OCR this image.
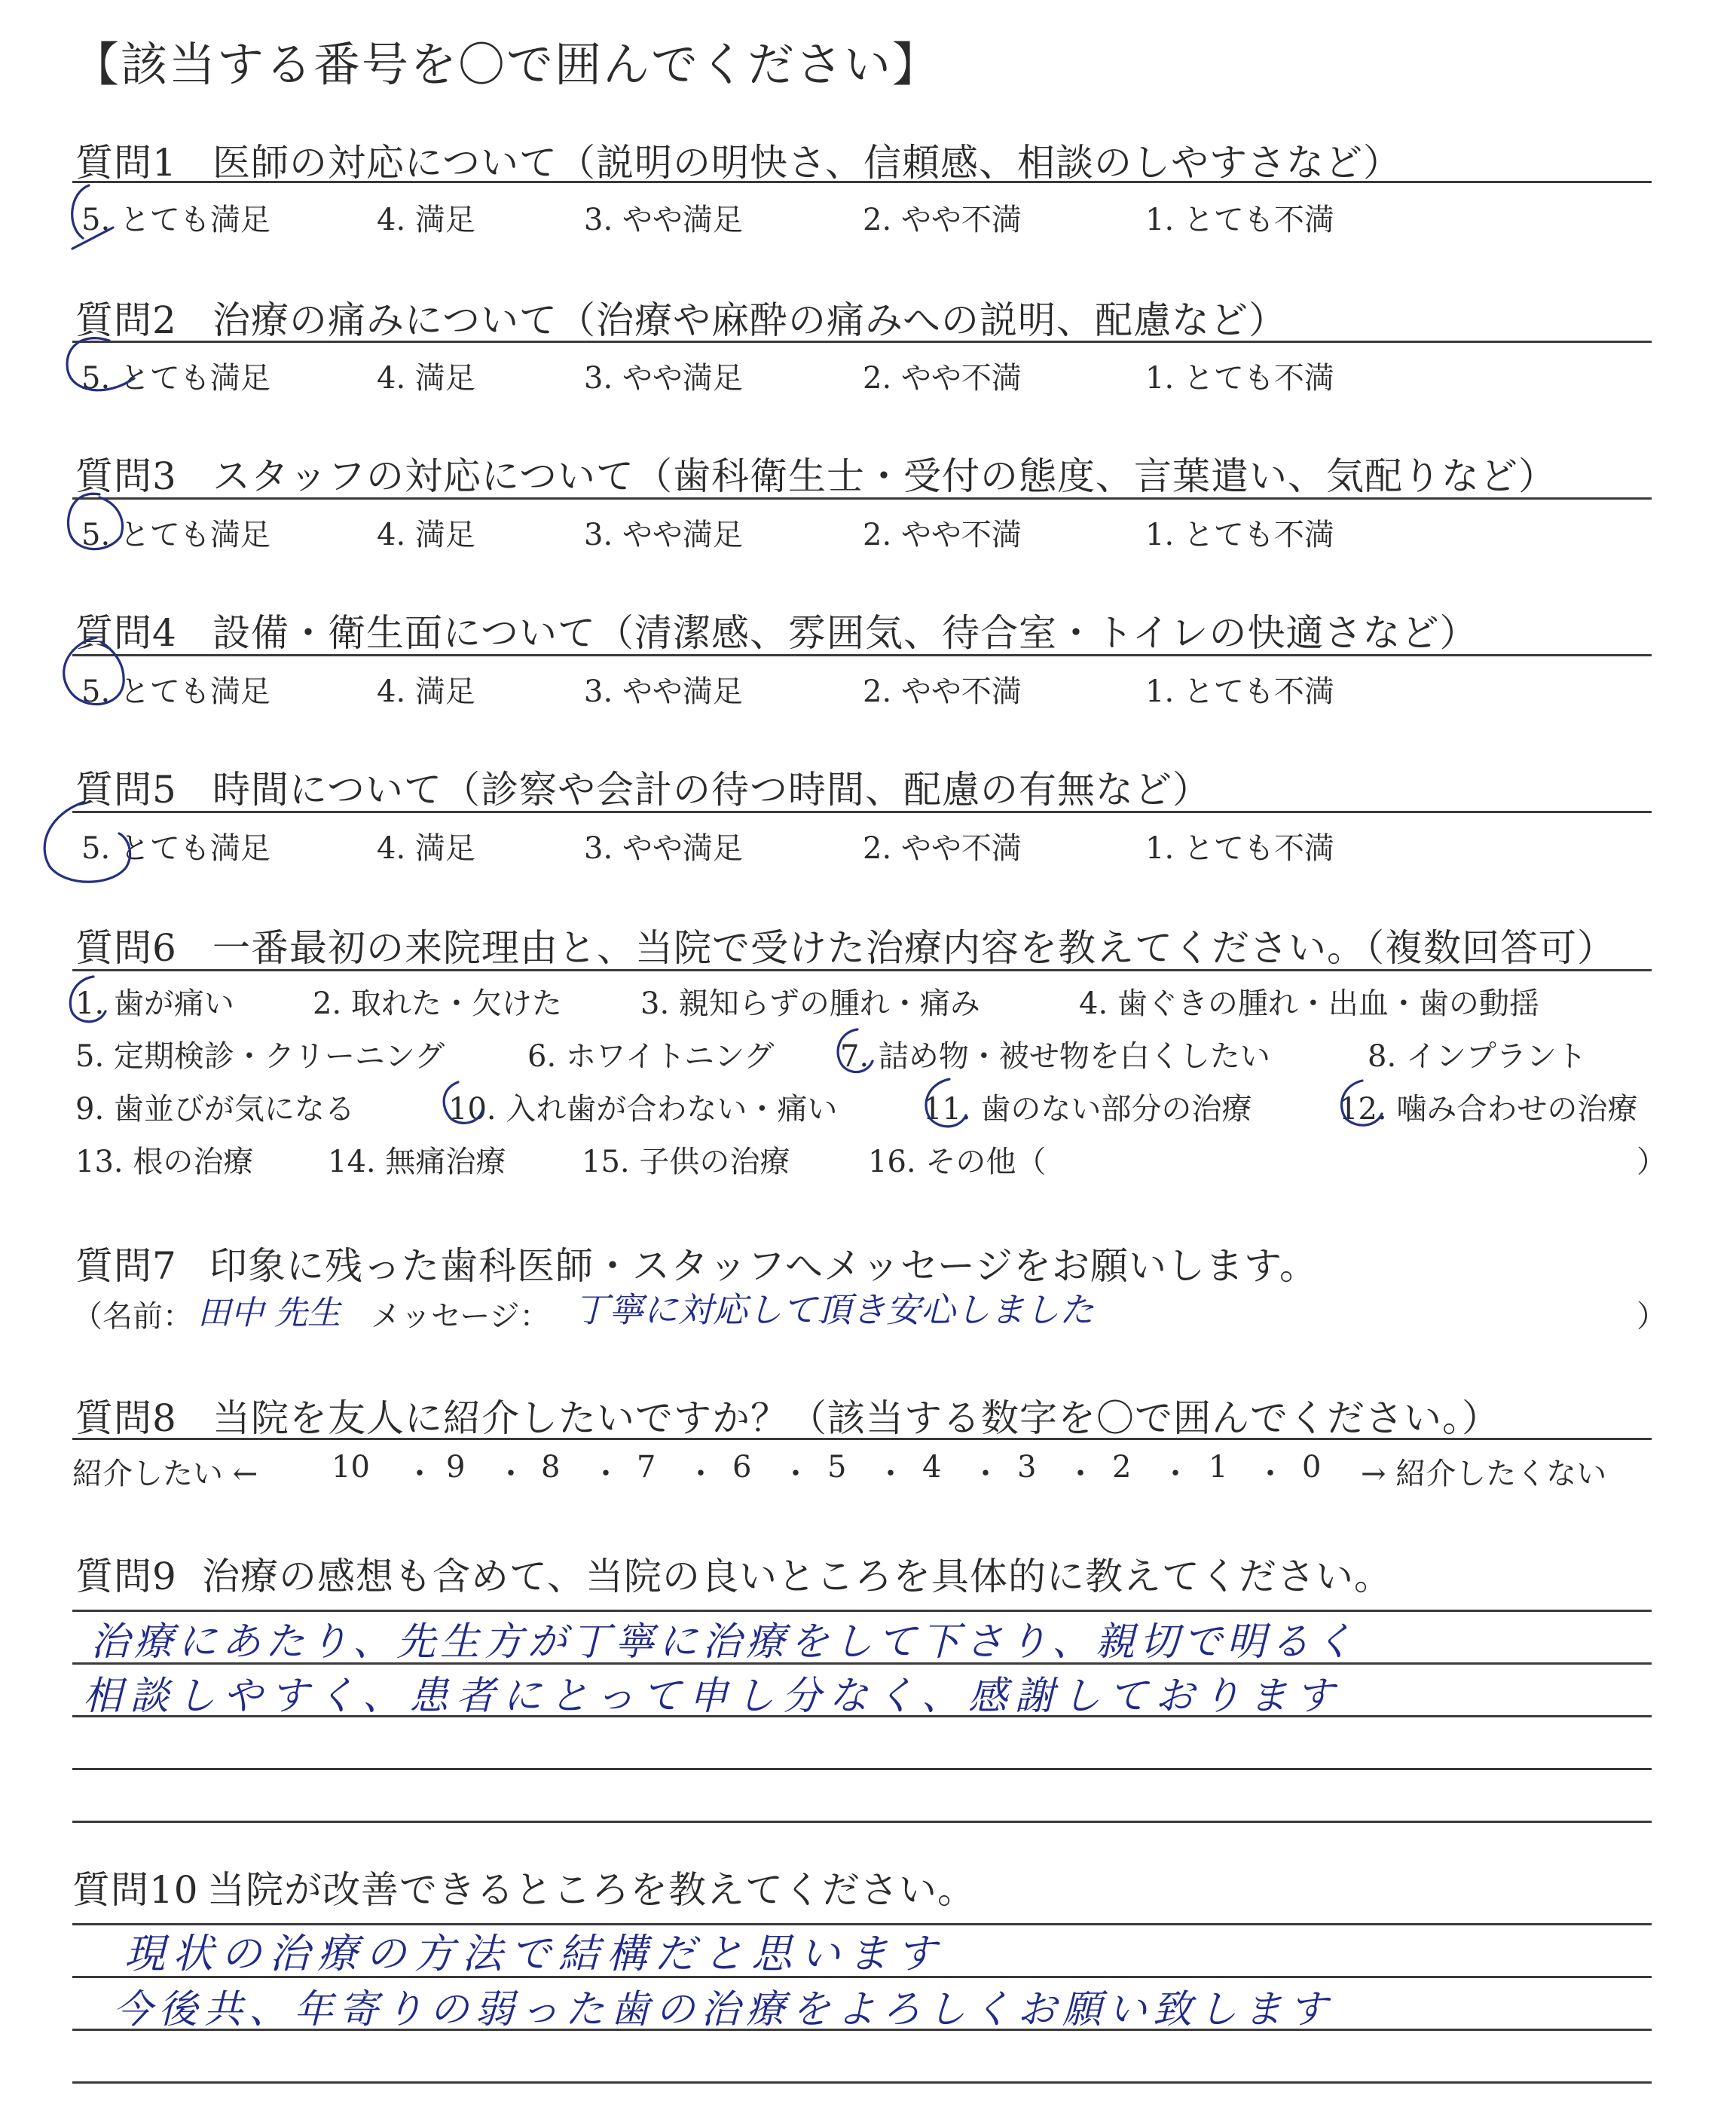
【該当する番号を〇で囲んでください】
質問1 医師の対応について（説明の明快さ、信頼感、相談のしやすさなど）
5. とても満足	4. 満足	3. やや満足	2. やや不満	1. とても不満
質問2 治療の痛みについて（治療や麻酔の痛みへの説明、配慮など）
5. とても満足	4. 満足	3. やや満足	2. やや不満	1. とても不満
質問3 スタッフの対応について（歯科衛生士・受付の態度、言葉遣い、気配りなど）
5. とても満足	4. 満足	3. やや満足	2. やや不満	1. とても不満
質問4 設備・衛生面について（清潔感、雰囲気、待合室・トイレの快適さなど）
5. とても満足	4. 満足	3. やや満足	2. やや不満	1. とても不満
質問5 時間について（診察や会計の待つ時間、配慮の有無など）
5. とても満足	4. 満足	3. やや満足	2. やや不満	1. とても不満
質問6 一番最初の来院理由と、当院で受けた治療内容を教えてください。（複数回答可）
1. 歯が痛い	2. 取れた・欠けた	3. 親知らずの腫れ・痛み	4. 歯ぐきの腫れ・出血・歯の動揺
5. 定期検診・クリーニング	6. ホワイトニング 7. 詰め物・被せ物を白くしたい	8. インプラント
9. 歯並びが気になる	10. 入れ歯が合わない・痛い	11. 歯のない部分の治療	12. 噛み合わせの治療
13. 根の治療 14. 無痛治療	15. 子供の治療	16. その他（	）
質問7 印象に残った歯科医師・スタッフへメッセージをお願いします。
（名前： 田中 先生 メッセージ： 丁寧に対応して頂き安心しました	）
質問8 当院を友人に紹介したいですか？（該当する数字を〇で囲んでください。）
紹介したい ← 10 ・ 9 ・ 8 ・ 7 ・ 6 ・ 5 ・ 4 ・ 3 ・ 2 ・ 1 ・ 0 → 紹介したくない
質問9 治療の感想も含めて、当院の良いところを具体的に教えてください。
治療にあたり、先生方が丁寧に治療をして下さり、親切で明るく
相談しやすく、患者にとって申し分なく、感謝しております
質問10 当院が改善できるところを教えてください。
現状の治療の方法で結構だと思います
今後共、年寄りの弱った歯の治療をよろしくお願い致します
